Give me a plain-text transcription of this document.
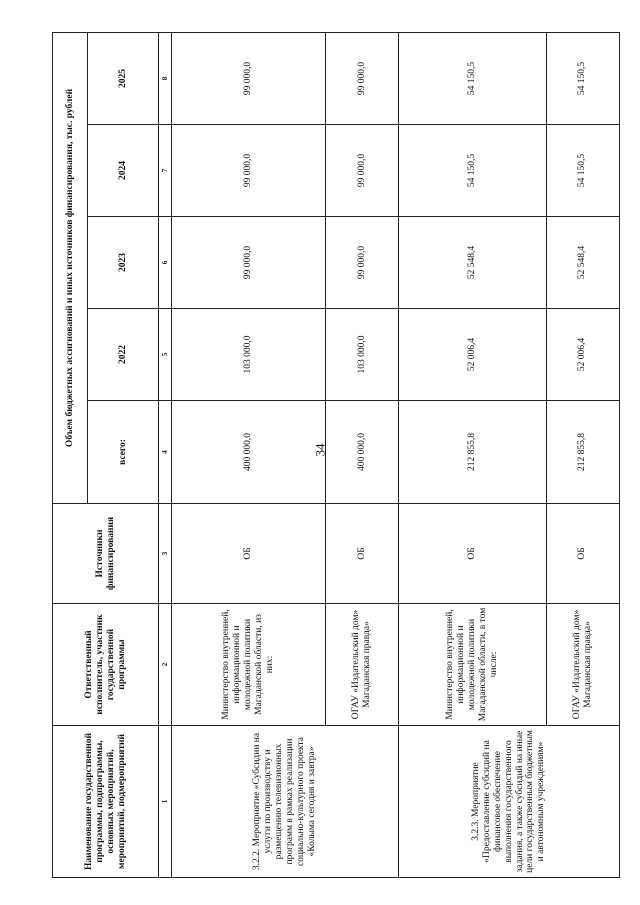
34
Наименование государственной программы, подпрограммы, основных мероприятий, мероприятий, подмероприятий	Ответственный исполнитель, участник государственной программы	Источники финансирования	Объем бюджетных ассигнований и иных источников финансирования, тыс. рублей				
			всего:	2022	2023	2024	2025
1	2	3	4	5	6	7	8
3.2.2. Мероприятие «Субсидии на услуги по производству и размещению телевизионных программ в рамках реализации социально-культурного проекта «Колыма сегодня и завтра»	Министерство внутренней, информационной и молодежной политики Магаданской области, из них:	ОБ	400 000,0	103 000,0	99 000,0	99 000,0	99 000,0
	ОГАУ «Издательский дом» Магаданская правда»	ОБ	400 000,0	103 000,0	99 000,0	99 000,0	99 000,0
3.2.3. Мероприятие «Предоставление субсидий на финансовое обеспечение выполнения государственного задания, а также субсидий на иные цели государственным бюджетным и автономным учреждениям»	Министерство внутренней, информационной и молодежной политики Магаданской области, в том числе:	ОБ	212 855,8	52 006,4	52 548,4	54 150,5	54 150,5
	ОГАУ «Издательский дом» Магаданская правда»	ОБ	212 855,8	52 006,4	52 548,4	54 150,5	54 150,5
